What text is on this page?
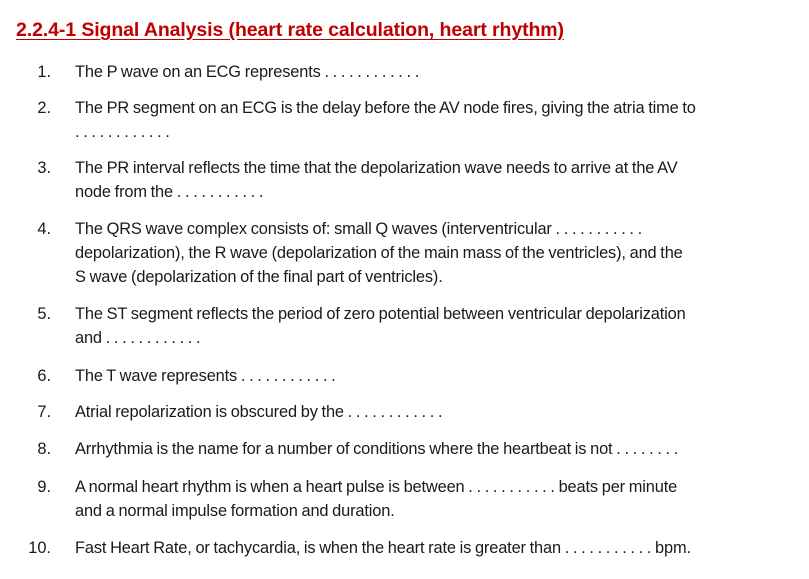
2.2.4-1 Signal Analysis (heart rate calculation, heart rhythm)
1. The P wave on an ECG represents . . . . . . . . . . . .
2. The PR segment on an ECG is the delay before the AV node fires, giving the atria time to
. . . . . . . . . . . .
3. The PR interval reflects the time that the depolarization wave needs to arrive at the AV
node from the . . . . . . . . . . .
4. The QRS wave complex consists of: small Q waves (interventricular . . . . . . . . . . .
depolarization), the R wave (depolarization of the main mass of the ventricles), and the
S wave (depolarization of the final part of ventricles).
5. The ST segment reflects the period of zero potential between ventricular depolarization
and . . . . . . . . . . . .
6. The T wave represents . . . . . . . . . . . .
7. Atrial repolarization is obscured by the . . . . . . . . . . . .
8. Arrhythmia is the name for a number of conditions where the heartbeat is not . . . . . . . .
9. A normal heart rhythm is when a heart pulse is between . . . . . . . . . . . beats per minute
and a normal impulse formation and duration.
10. Fast Heart Rate, or tachycardia, is when the heart rate is greater than . . . . . . . . . . . bpm.
